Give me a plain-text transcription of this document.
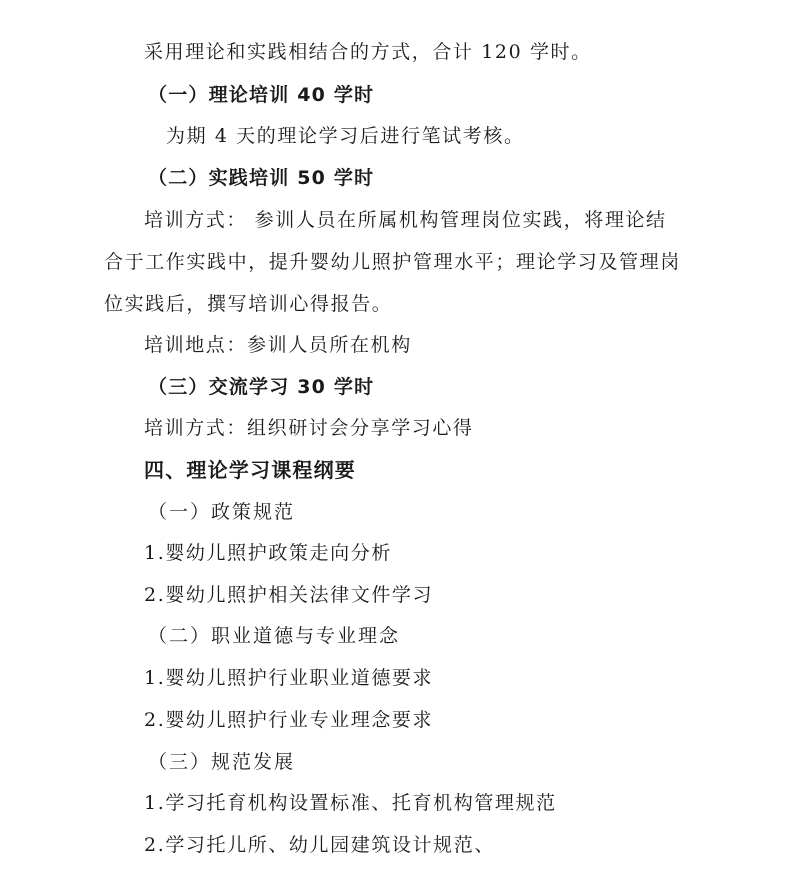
采用理论和实践相结合的方式，合计 120 学时。
（一）理论培训 40 学时
为期 4 天的理论学习后进行笔试考核。
（二）实践培训 50 学时
培训方式： 参训人员在所属机构管理岗位实践，将理论结
合于工作实践中，提升婴幼儿照护管理水平；理论学习及管理岗
位实践后，撰写培训心得报告。
培训地点：参训人员所在机构
（三）交流学习 30 学时
培训方式：组织研讨会分享学习心得
四、理论学习课程纲要
（一）政策规范
1.婴幼儿照护政策走向分析
2.婴幼儿照护相关法律文件学习
（二）职业道德与专业理念
1.婴幼儿照护行业职业道德要求
2.婴幼儿照护行业专业理念要求
（三）规范发展
1.学习托育机构设置标准、托育机构管理规范
2.学习托儿所、幼儿园建筑设计规范、
